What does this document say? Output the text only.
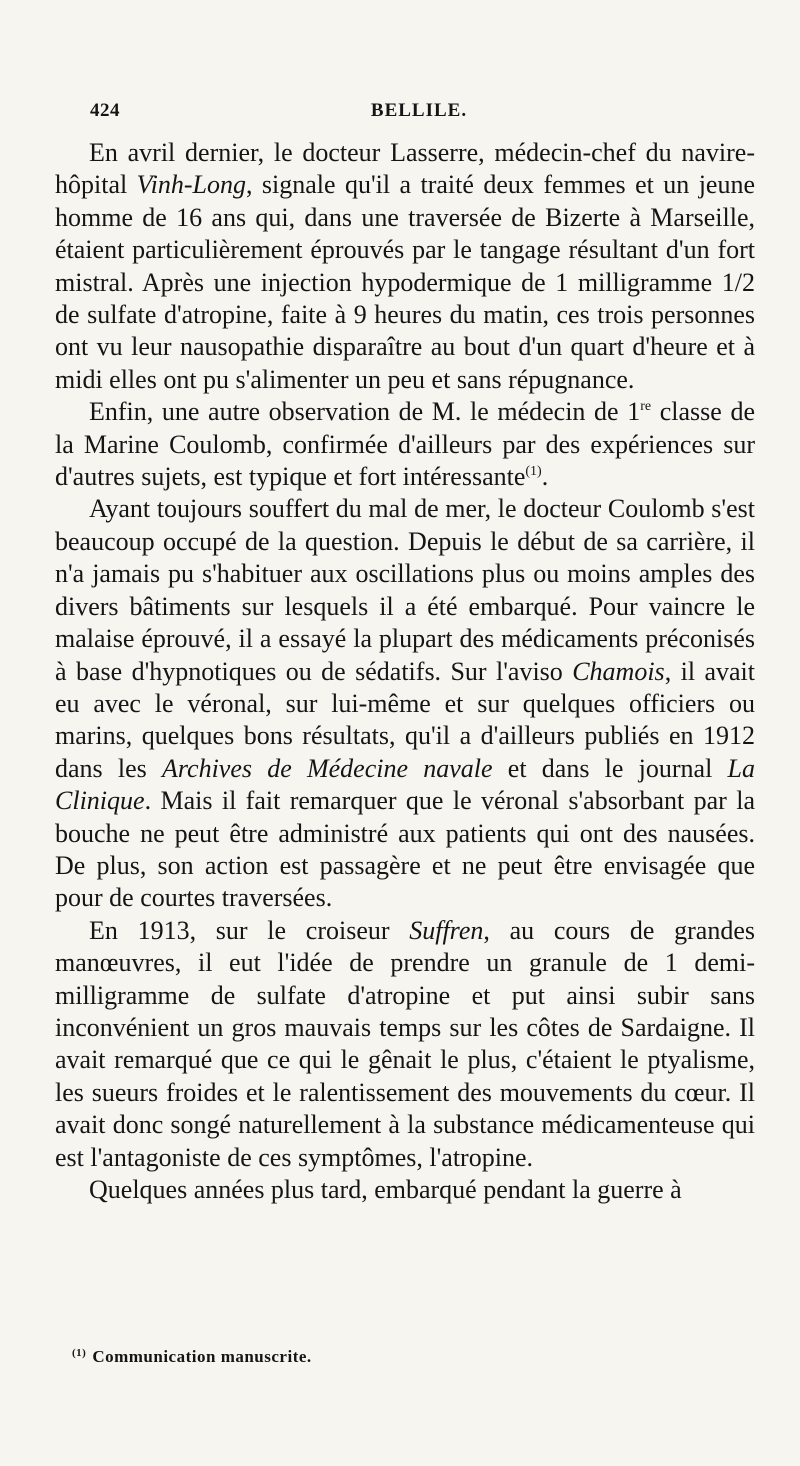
424	BELLILE.

En avril dernier, le docteur Lasserre, médecin-chef du navire-hôpital Vinh-Long, signale qu'il a traité deux femmes et un jeune homme de 16 ans qui, dans une traversée de Bizerte à Marseille, étaient particulièrement éprouvés par le tangage résultant d'un fort mistral. Après une injection hypodermique de 1 milligramme 1/2 de sulfate d'atropine, faite à 9 heures du matin, ces trois personnes ont vu leur nausopathie disparaître au bout d'un quart d'heure et à midi elles ont pu s'alimenter un peu et sans répugnance.

Enfin, une autre observation de M. le médecin de 1re classe de la Marine Coulomb, confirmée d'ailleurs par des expériences sur d'autres sujets, est typique et fort intéressante$^{(1)}$.

Ayant toujours souffert du mal de mer, le docteur Coulomb s'est beaucoup occupé de la question. Depuis le début de sa carrière, il n'a jamais pu s'habituer aux oscillations plus ou moins amples des divers bâtiments sur lesquels il a été embarqué. Pour vaincre le malaise éprouvé, il a essayé la plupart des médicaments préconisés à base d'hypnotiques ou de sédatifs. Sur l'aviso Chamois, il avait eu avec le véronal, sur lui-même et sur quelques officiers ou marins, quelques bons résultats, qu'il a d'ailleurs publiés en 1912 dans les Archives de Médecine navale et dans le journal La Clinique. Mais il fait remarquer que le véronal s'absorbant par la bouche ne peut être administré aux patients qui ont des nausées. De plus, son action est passagère et ne peut être envisagée que pour de courtes traversées.

En 1913, sur le croiseur Suffren, au cours de grandes manœuvres, il eut l'idée de prendre un granule de 1 demi-milligramme de sulfate d'atropine et put ainsi subir sans inconvénient un gros mauvais temps sur les côtes de Sardaigne. Il avait remarqué que ce qui le gênait le plus, c'étaient le ptyalisme, les sueurs froides et le ralentissement des mouvements du cœur. Il avait donc songé naturellement à la substance médicamenteuse qui est l'antagoniste de ces symptômes, l'atropine.

Quelques années plus tard, embarqué pendant la guerre à

$^{(1)}$ Communication manuscrite.
